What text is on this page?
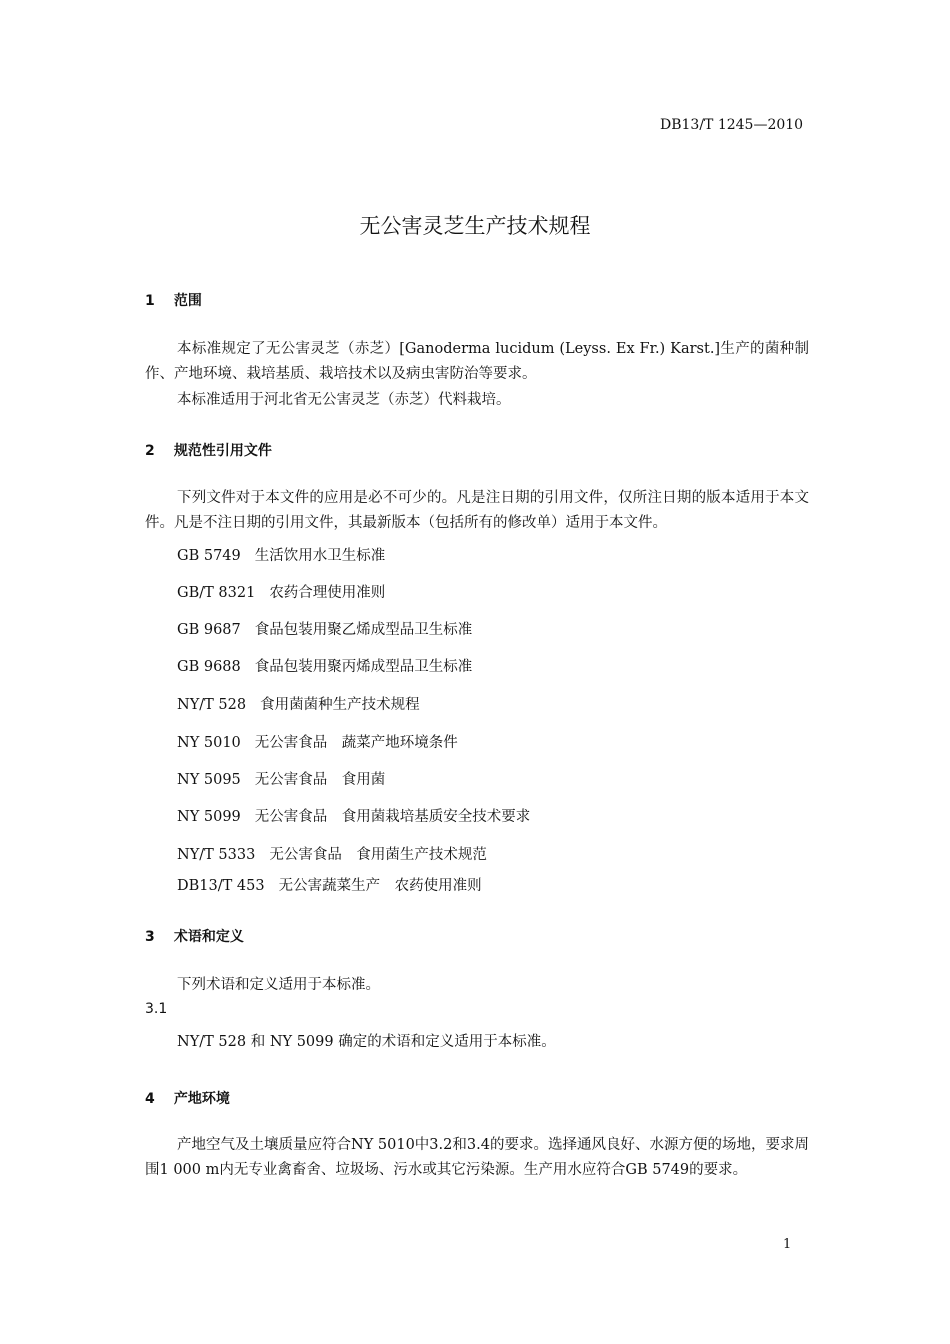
DB13/T 1245—2010
无公害灵芝生产技术规程
1 范围
本标准规定了无公害灵芝（赤芝）[Ganoderma lucidum (Leyss. Ex Fr.) Karst.]生产的菌种制作、产地环境、栽培基质、栽培技术以及病虫害防治等要求。
本标准适用于河北省无公害灵芝（赤芝）代料栽培。
2 规范性引用文件
下列文件对于本文件的应用是必不可少的。凡是注日期的引用文件，仅所注日期的版本适用于本文件。凡是不注日期的引用文件，其最新版本（包括所有的修改单）适用于本文件。
GB 5749 生活饮用水卫生标准
GB/T 8321 农药合理使用准则
GB 9687 食品包装用聚乙烯成型品卫生标准
GB 9688 食品包装用聚丙烯成型品卫生标准
NY/T 528 食用菌菌种生产技术规程
NY 5010 无公害食品　蔬菜产地环境条件
NY 5095 无公害食品　食用菌
NY 5099 无公害食品　食用菌栽培基质安全技术要求
NY/T 5333 无公害食品　食用菌生产技术规范
DB13/T 453 无公害蔬菜生产　农药使用准则
3 术语和定义
下列术语和定义适用于本标准。
3.1
NY/T 528 和 NY 5099 确定的术语和定义适用于本标准。
4 产地环境
产地空气及土壤质量应符合NY 5010中3.2和3.4的要求。选择通风良好、水源方便的场地，要求周围1 000 m内无专业禽畜舍、垃圾场、污水或其它污染源。生产用水应符合GB 5749的要求。
1
